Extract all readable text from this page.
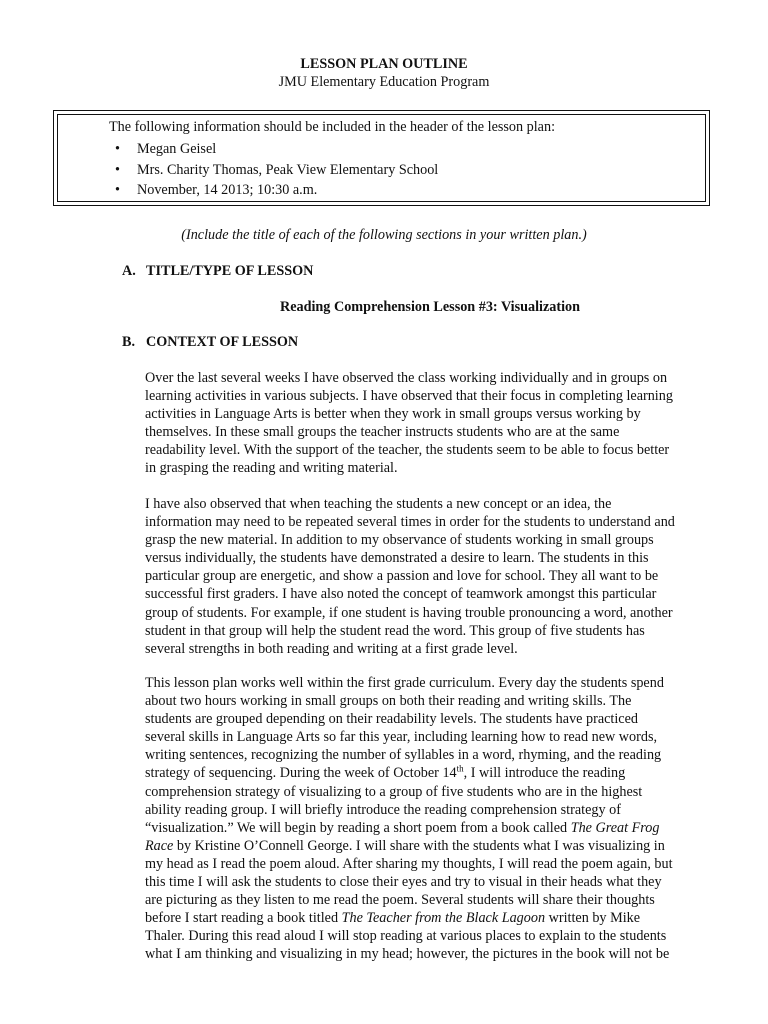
LESSON PLAN OUTLINE
JMU Elementary Education Program
The following information should be included in the header of the lesson plan:
• Megan Geisel
• Mrs. Charity Thomas, Peak View Elementary School
• November, 14 2013; 10:30 a.m.
(Include the title of each of the following sections in your written plan.)
A. TITLE/TYPE OF LESSON
Reading Comprehension Lesson #3: Visualization
B. CONTEXT OF LESSON
Over the last several weeks I have observed the class working individually and in groups on
learning activities in various subjects. I have observed that their focus in completing learning
activities in Language Arts is better when they work in small groups versus working by
themselves. In these small groups the teacher instructs students who are at the same
readability level. With the support of the teacher, the students seem to be able to focus better
in grasping the reading and writing material.
I have also observed that when teaching the students a new concept or an idea, the
information may need to be repeated several times in order for the students to understand and
grasp the new material. In addition to my observance of students working in small groups
versus individually, the students have demonstrated a desire to learn. The students in this
particular group are energetic, and show a passion and love for school. They all want to be
successful first graders. I have also noted the concept of teamwork amongst this particular
group of students. For example, if one student is having trouble pronouncing a word, another
student in that group will help the student read the word. This group of five students has
several strengths in both reading and writing at a first grade level.
This lesson plan works well within the first grade curriculum. Every day the students spend
about two hours working in small groups on both their reading and writing skills. The
students are grouped depending on their readability levels. The students have practiced
several skills in Language Arts so far this year, including learning how to read new words,
writing sentences, recognizing the number of syllables in a word, rhyming, and the reading
strategy of sequencing. During the week of October 14th, I will introduce the reading
comprehension strategy of visualizing to a group of five students who are in the highest
ability reading group. I will briefly introduce the reading comprehension strategy of
“visualization.” We will begin by reading a short poem from a book called The Great Frog
Race by Kristine O’Connell George. I will share with the students what I was visualizing in
my head as I read the poem aloud. After sharing my thoughts, I will read the poem again, but
this time I will ask the students to close their eyes and try to visual in their heads what they
are picturing as they listen to me read the poem. Several students will share their thoughts
before I start reading a book titled The Teacher from the Black Lagoon written by Mike
Thaler. During this read aloud I will stop reading at various places to explain to the students
what I am thinking and visualizing in my head; however, the pictures in the book will not be
